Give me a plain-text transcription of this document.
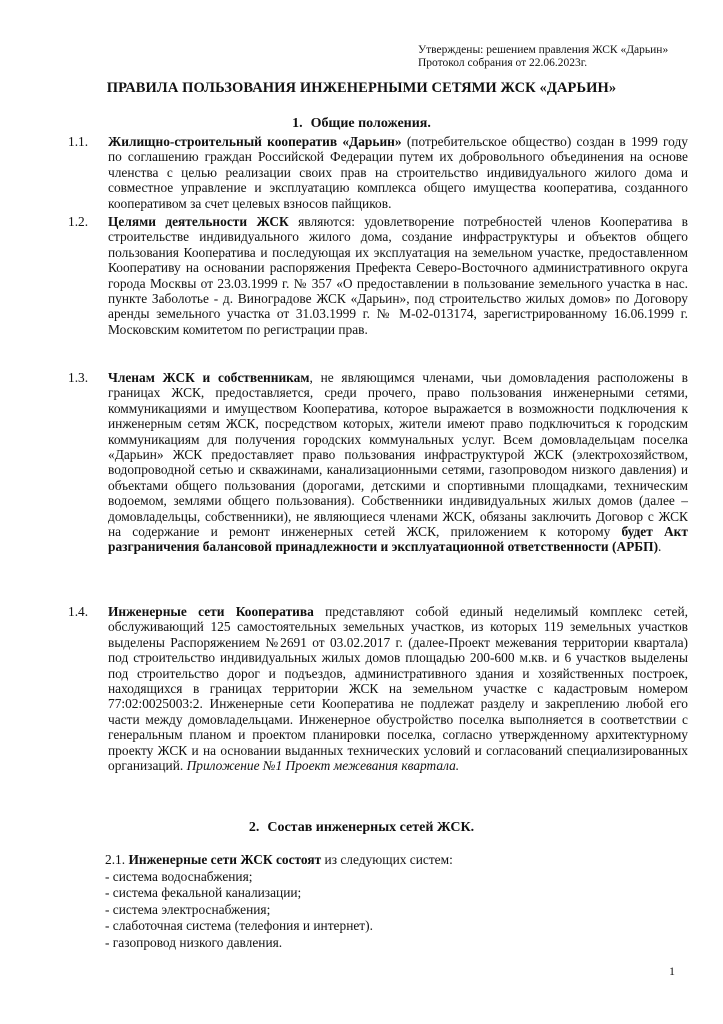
Утверждены: решением правления ЖСК «Дарьин»
Протокол собрания от 22.06.2023г.
ПРАВИЛА ПОЛЬЗОВАНИЯ ИНЖЕНЕРНЫМИ СЕТЯМИ ЖСК «ДАРЬИН»
1. Общие положения.
1.1.	Жилищно-строительный кооператив «Дарьин» (потребительское общество) создан в 1999 году по соглашению граждан Российской Федерации путем их добровольного объединения на основе членства с целью реализации своих прав на строительство индивидуального жилого дома и совместное управление и эксплуатацию комплекса общего имущества кооператива, созданного кооперативом за счет целевых взносов пайщиков.
1.2.	Целями деятельности ЖСК являются: удовлетворение потребностей членов Кооператива в строительстве индивидуального жилого дома, создание инфраструктуры и объектов общего пользования Кооператива и последующая их эксплуатация на земельном участке, предоставленном Кооперативу на основании распоряжения Префекта Северо-Восточного административного округа города Москвы от 23.03.1999 г. № 357 «О предоставлении в пользование земельного участка в нас. пункте Заболотье - д. Виноградове ЖСК «Дарьин», под строительство жилых домов» по Договору аренды земельного участка от 31.03.1999 г. № М-02-013174, зарегистрированному 16.06.1999 г. Московским комитетом по регистрации прав.
1.3.	Членам ЖСК и собственникам, не являющимся членами, чьи домовладения расположены в границах ЖСК, предоставляется, среди прочего, право пользования инженерными сетями, коммуникациями и имуществом Кооператива, которое выражается в возможности подключения к инженерным сетям ЖСК, посредством которых, жители имеют право подключиться к городским коммуникациям для получения городских коммунальных услуг. Всем домовладельцам поселка «Дарьин» ЖСК предоставляет право пользования инфраструктурой ЖСК (электрохозяйством, водопроводной сетью и скважинами, канализационными сетями, газопроводом низкого давления) и объектами общего пользования (дорогами, детскими и спортивными площадками, техническим водоемом, землями общего пользования). Собственники индивидуальных жилых домов (далее – домовладельцы, собственники), не являющиеся членами ЖСК, обязаны заключить Договор с ЖСК на содержание и ремонт инженерных сетей ЖСК, приложением к которому будет Акт разграничения балансовой принадлежности и эксплуатационной ответственности (АРБП).
1.4.	Инженерные сети Кооператива представляют собой единый неделимый комплекс сетей, обслуживающий 125 самостоятельных земельных участков, из которых 119 земельных участков выделены Распоряжением №2691 от 03.02.2017 г. (далее-Проект межевания территории квартала) под строительство индивидуальных жилых домов площадью 200-600 м.кв. и 6 участков выделены под строительство дорог и подъездов, административного здания и хозяйственных построек, находящихся в границах территории ЖСК на земельном участке с кадастровым номером 77:02:0025003:2. Инженерные сети Кооператива не подлежат разделу и закреплению любой его части между домовладельцами. Инженерное обустройство поселка выполняется в соответствии с генеральным планом и проектом планировки поселка, согласно утвержденному архитектурному проекту ЖСК и на основании выданных технических условий и согласований специализированных организаций. Приложение №1 Проект межевания квартала.
2. Состав инженерных сетей ЖСК.
2.1. Инженерные сети ЖСК состоят из следующих систем:
- система водоснабжения;
- система фекальной канализации;
- система электроснабжения;
- слаботочная система (телефония и интернет).
- газопровод низкого давления.
1
